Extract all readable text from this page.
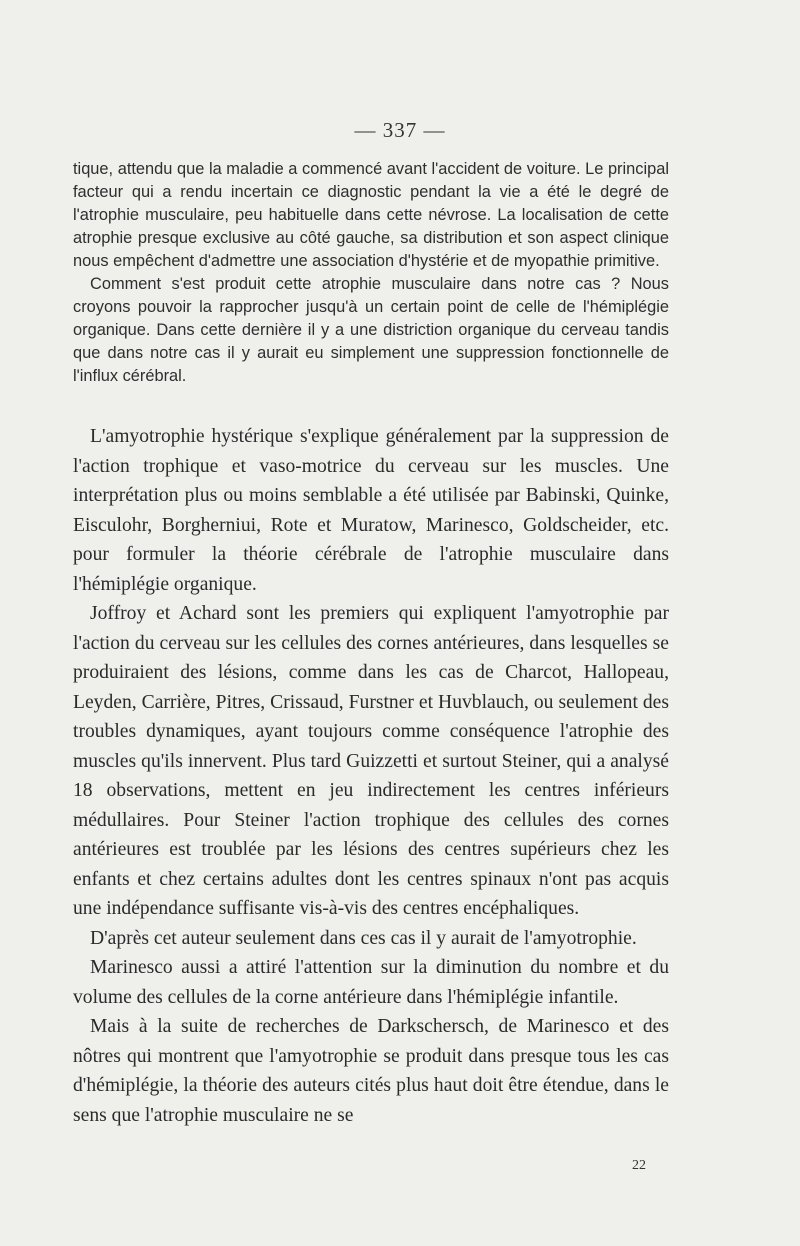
— 337 —

tique, attendu que la maladie a commencé avant l'accident de voiture. Le principal facteur qui a rendu incertain ce diagnostic pendant la vie a été le degré de l'atrophie musculaire, peu habituelle dans cette névrose. La localisation de cette atrophie presque exclusive au côté gauche, sa distribution et son aspect clinique nous empêchent d'admettre une association d'hystérie et de myopathie primitive.

Comment s'est produit cette atrophie musculaire dans notre cas ? Nous croyons pouvoir la rapprocher jusqu'à un certain point de celle de l'hémiplégie organique. Dans cette dernière il y a une distriction organique du cerveau tandis que dans notre cas il y aurait eu simplement une suppression fonctionnelle de l'influx cérébral.

L'amyotrophie hystérique s'explique généralement par la suppression de l'action trophique et vaso-motrice du cerveau sur les muscles. Une interprétation plus ou moins semblable a été utilisée par Babinski, Quinke, Eisculohr, Borgherniui, Rote et Muratow, Marinesco, Goldscheider, etc. pour formuler la théorie cérébrale de l'atrophie musculaire dans l'hémiplégie organique.

Joffroy et Achard sont les premiers qui expliquent l'amyotrophie par l'action du cerveau sur les cellules des cornes antérieures, dans lesquelles se produiraient des lésions, comme dans les cas de Charcot, Hallopeau, Leyden, Carrière, Pitres, Crissaud, Furstner et Huvblauch, ou seulement des troubles dynamiques, ayant toujours comme conséquence l'atrophie des muscles qu'ils innervent. Plus tard Guizzetti et surtout Steiner, qui a analysé 18 observations, mettent en jeu indirectement les centres inférieurs médullaires. Pour Steiner l'action trophique des cellules des cornes antérieures est troublée par les lésions des centres supérieurs chez les enfants et chez certains adultes dont les centres spinaux n'ont pas acquis une indépendance suffisante vis-à-vis des centres encéphaliques.

D'après cet auteur seulement dans ces cas il y aurait de l'amyotrophie.

Marinesco aussi a attiré l'attention sur la diminution du nombre et du volume des cellules de la corne antérieure dans l'hémiplégie infantile.

Mais à la suite de recherches de Darkschersch, de Marinesco et des nôtres qui montrent que l'amyotrophie se produit dans presque tous les cas d'hémiplégie, la théorie des auteurs cités plus haut doit être étendue, dans le sens que l'atrophie musculaire ne se

22
